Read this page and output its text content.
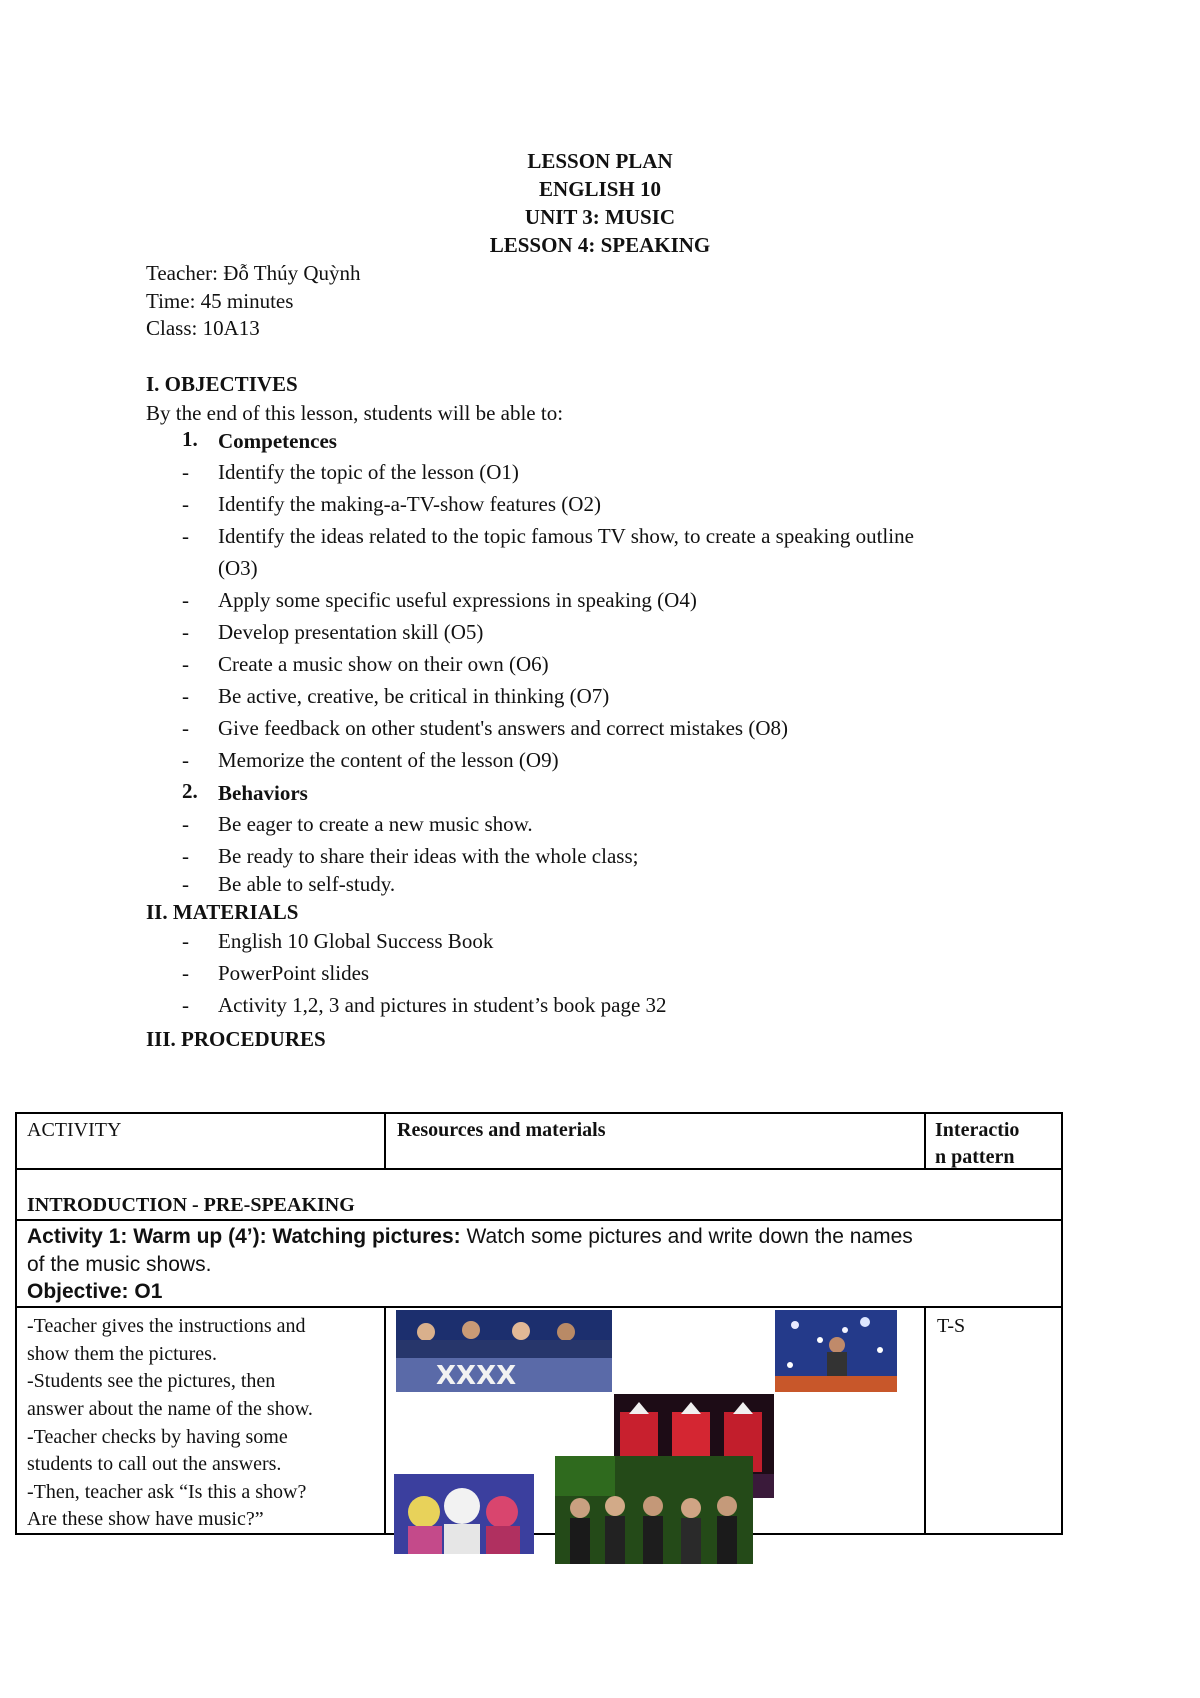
LESSON PLAN
ENGLISH 10
UNIT 3: MUSIC
LESSON 4: SPEAKING
Teacher: Đỗ Thúy Quỳnh
Time: 45 minutes
Class: 10A13
I. OBJECTIVES
By the end of this lesson, students will be able to:
1. Competences
- Identify the topic of the lesson (O1)
- Identify the making-a-TV-show features (O2)
- Identify the ideas related to the topic famous TV show, to create a speaking outline
(O3)
- Apply some specific useful expressions in speaking (O4)
- Develop presentation skill (O5)
- Create a music show on their own (O6)
- Be active, creative, be critical in thinking (O7)
- Give feedback on other student's answers and correct mistakes (O8)
- Memorize the content of the lesson (O9)
2. Behaviors
- Be eager to create a new music show.
- Be ready to share their ideas with the whole class;
- Be able to self-study.
II. MATERIALS
- English 10 Global Success Book
- PowerPoint slides
- Activity 1,2, 3 and pictures in student’s book page 32
III. PROCEDURES
ACTIVITY	Resources and materials	Interactio
n pattern
INTRODUCTION - PRE-SPEAKING
Activity 1: Warm up (4’): Watching pictures: Watch some pictures and write down the names
of the music shows.
Objective: O1
-Teacher gives the instructions and
show them the pictures.
-Students see the pictures, then
answer about the name of the show.
-Teacher checks by having some
students to call out the answers.
-Then, teacher ask “Is this a show?
Are these show have music?”
T-S
XXXX
